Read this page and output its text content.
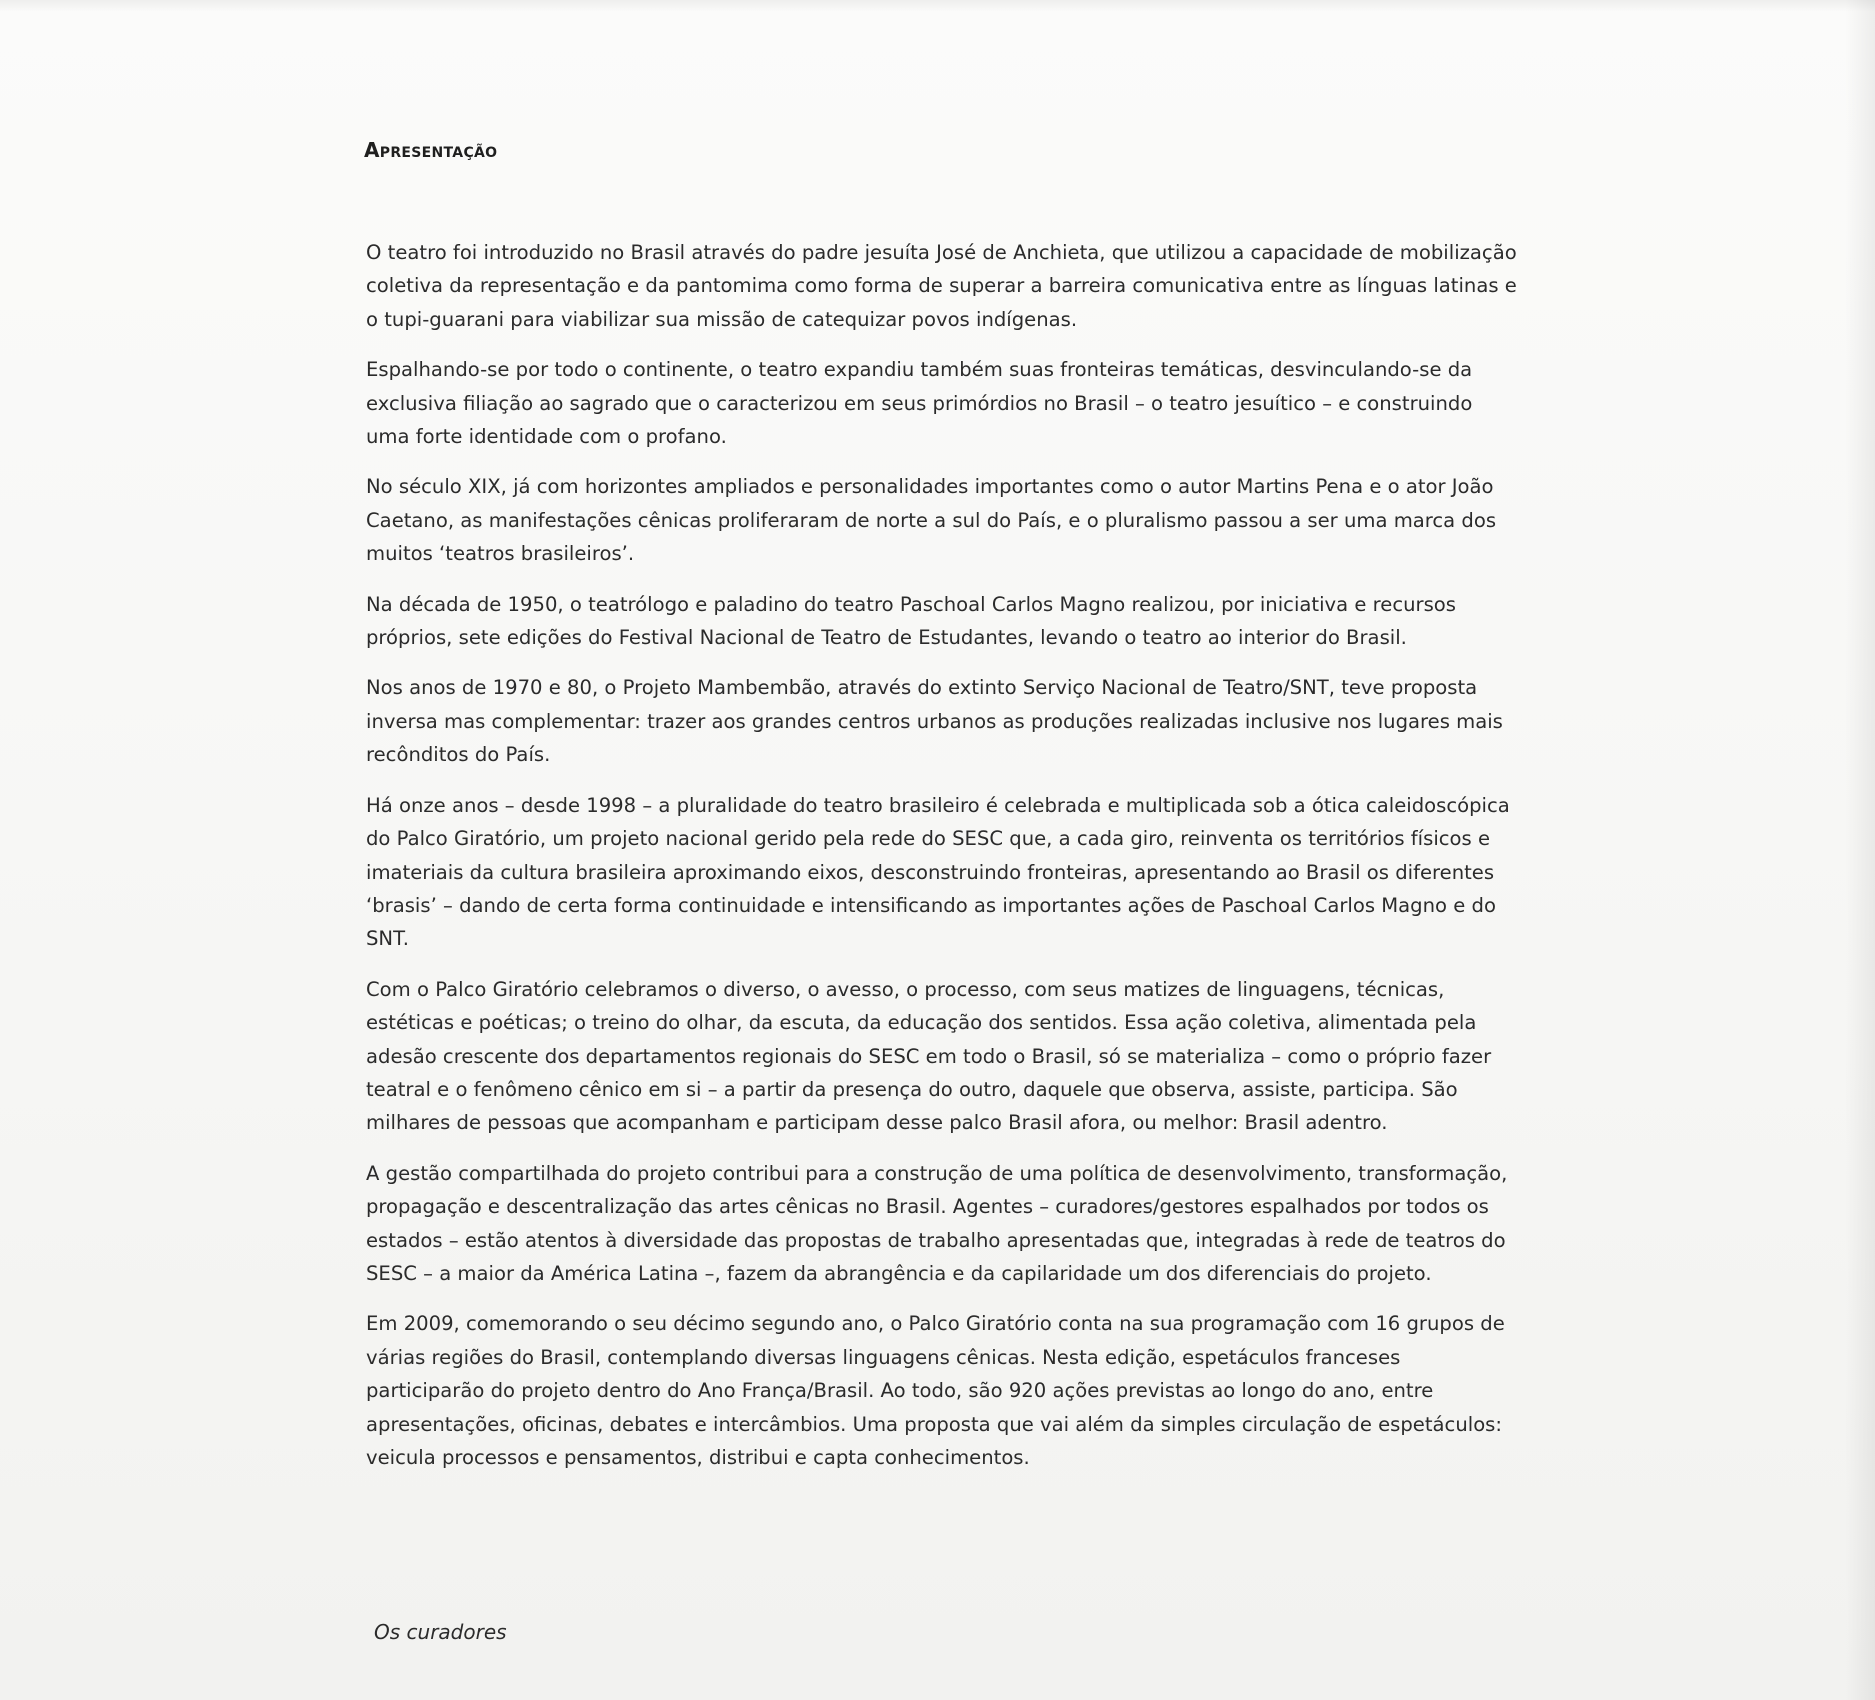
Apresentação

O teatro foi introduzido no Brasil através do padre jesuíta José de Anchieta, que utilizou a capacidade de mobilização coletiva da representação e da pantomima como forma de superar a barreira comunicativa entre as línguas latinas e o tupi-guarani para viabilizar sua missão de catequizar povos indígenas.

Espalhando-se por todo o continente, o teatro expandiu também suas fronteiras temáticas, desvinculando-se da exclusiva filiação ao sagrado que o caracterizou em seus primórdios no Brasil – o teatro jesuítico – e construindo uma forte identidade com o profano.

No século XIX, já com horizontes ampliados e personalidades importantes como o autor Martins Pena e o ator João Caetano, as manifestações cênicas proliferaram de norte a sul do País, e o pluralismo passou a ser uma marca dos muitos ‘teatros brasileiros’.

Na década de 1950, o teatrólogo e paladino do teatro Paschoal Carlos Magno realizou, por iniciativa e recursos próprios, sete edições do Festival Nacional de Teatro de Estudantes, levando o teatro ao interior do Brasil.

Nos anos de 1970 e 80, o Projeto Mambembão, através do extinto Serviço Nacional de Teatro/SNT, teve proposta inversa mas complementar: trazer aos grandes centros urbanos as produções realizadas inclusive nos lugares mais recônditos do País.

Há onze anos – desde 1998 – a pluralidade do teatro brasileiro é celebrada e multiplicada sob a ótica caleidoscópica do Palco Giratório, um projeto nacional gerido pela rede do SESC que, a cada giro, reinventa os territórios físicos e imateriais da cultura brasileira aproximando eixos, desconstruindo fronteiras, apresentando ao Brasil os diferentes ‘brasis’ – dando de certa forma continuidade e intensificando as importantes ações de Paschoal Carlos Magno e do SNT.

Com o Palco Giratório celebramos o diverso, o avesso, o processo, com seus matizes de linguagens, técnicas, estéticas e poéticas; o treino do olhar, da escuta, da educação dos sentidos. Essa ação coletiva, alimentada pela adesão crescente dos departamentos regionais do SESC em todo o Brasil, só se materializa – como o próprio fazer teatral e o fenômeno cênico em si – a partir da presença do outro, daquele que observa, assiste, participa. São milhares de pessoas que acompanham e participam desse palco Brasil afora, ou melhor: Brasil adentro.

A gestão compartilhada do projeto contribui para a construção de uma política de desenvolvimento, transformação, propagação e descentralização das artes cênicas no Brasil. Agentes – curadores/gestores espalhados por todos os estados – estão atentos à diversidade das propostas de trabalho apresentadas que, integradas à rede de teatros do SESC – a maior da América Latina –, fazem da abrangência e da capilaridade um dos diferenciais do projeto.

Em 2009, comemorando o seu décimo segundo ano, o Palco Giratório conta na sua programação com 16 grupos de várias regiões do Brasil, contemplando diversas linguagens cênicas. Nesta edição, espetáculos franceses participarão do projeto dentro do Ano França/Brasil. Ao todo, são 920 ações previstas ao longo do ano, entre apresentações, oficinas, debates e intercâmbios. Uma proposta que vai além da simples circulação de espetáculos: veicula processos e pensamentos, distribui e capta conhecimentos.

Os curadores
